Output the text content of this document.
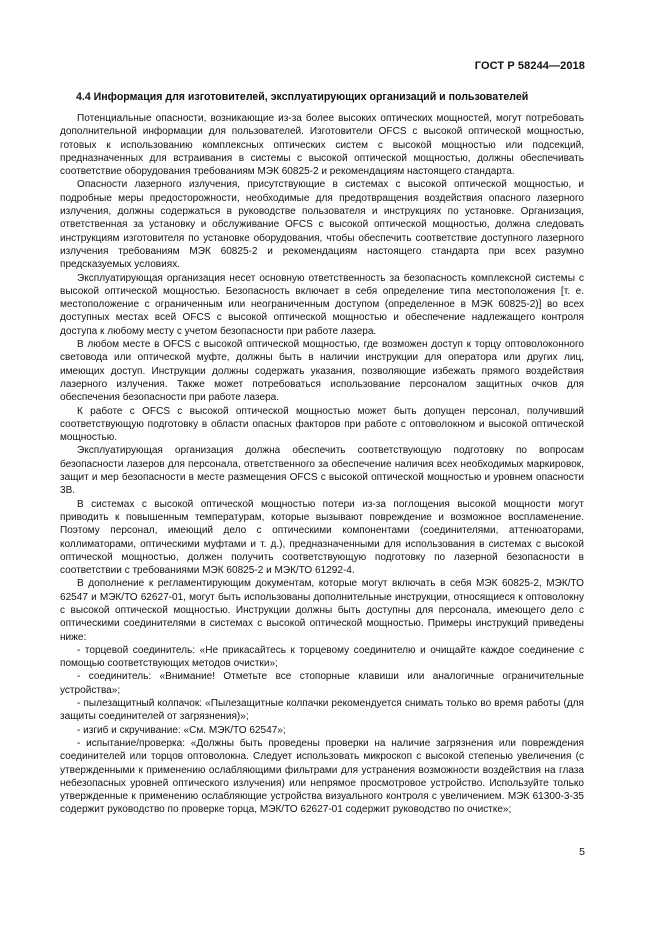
ГОСТ Р 58244—2018
4.4 Информация для изготовителей, эксплуатирующих организаций и пользователей

Потенциальные опасности, возникающие из-за более высоких оптических мощностей, могут потребовать дополнительной информации для пользователей. Изготовители OFCS с высокой оптической мощностью, готовых к использованию комплексных оптических систем с высокой мощностью или подсекций, предназначенных для встраивания в системы с высокой оптической мощностью, должны обеспечивать соответствие оборудования требованиям МЭК 60825-2 и рекомендациям настоящего стандарта.

Опасности лазерного излучения, присутствующие в системах с высокой оптической мощностью, и подробные меры предосторожности, необходимые для предотвращения воздействия опасного лазерного излучения, должны содержаться в руководстве пользователя и инструкциях по установке. Организация, ответственная за установку и обслуживание OFCS с высокой оптической мощностью, должна следовать инструкциям изготовителя по установке оборудования, чтобы обеспечить соответствие доступного лазерного излучения требованиям МЭК 60825-2 и рекомендациям настоящего стандарта при всех разумно предсказуемых условиях.

Эксплуатирующая организация несет основную ответственность за безопасность комплексной системы с высокой оптической мощностью. Безопасность включает в себя определение типа местоположения [т. е. местоположение с ограниченным или неограниченным доступом (определенное в МЭК 60825-2)] во всех доступных местах всей OFCS с высокой оптической мощностью и обеспечение надлежащего контроля доступа к любому месту с учетом безопасности при работе лазера.

В любом месте в OFCS с высокой оптической мощностью, где возможен доступ к торцу оптоволоконного световода или оптической муфте, должны быть в наличии инструкции для оператора или других лиц, имеющих доступ. Инструкции должны содержать указания, позволяющие избежать прямого воздействия лазерного излучения. Также может потребоваться использование персоналом защитных очков для обеспечения безопасности при работе лазера.

К работе с OFCS с высокой оптической мощностью может быть допущен персонал, получивший соответствующую подготовку в области опасных факторов при работе с оптоволокном и высокой оптической мощностью.

Эксплуатирующая организация должна обеспечить соответствующую подготовку по вопросам безопасности лазеров для персонала, ответственного за обеспечение наличия всех необходимых маркировок, защит и мер безопасности в месте размещения OFCS с высокой оптической мощностью и уровнем опасности 3В.

В системах с высокой оптической мощностью потери из-за поглощения высокой мощности могут приводить к повышенным температурам, которые вызывают повреждение и возможное воспламенение. Поэтому персонал, имеющий дело с оптическими компонентами (соединителями, аттенюаторами, коллиматорами, оптическими муфтами и т. д.), предназначенными для использования в системах с высокой оптической мощностью, должен получить соответствующую подготовку по лазерной безопасности в соответствии с требованиями МЭК 60825-2 и МЭК/ТО 61292-4.

В дополнение к регламентирующим документам, которые могут включать в себя МЭК 60825-2, МЭК/ТО 62547 и МЭК/ТО 62627-01, могут быть использованы дополнительные инструкции, относящиеся к оптоволокну с высокой оптической мощностью. Инструкции должны быть доступны для персонала, имеющего дело с оптическими соединителями в системах с высокой оптической мощностью. Примеры инструкций приведены ниже:

- торцевой соединитель: «Не прикасайтесь к торцевому соединителю и очищайте каждое соединение с помощью соответствующих методов очистки»;

- соединитель: «Внимание! Отметьте все стопорные клавиши или аналогичные ограничительные устройства»;

- пылезащитный колпачок: «Пылезащитные колпачки рекомендуется снимать только во время работы (для защиты соединителей от загрязнения)»;

- изгиб и скручивание: «См. МЭК/ТО 62547»;

- испытание/проверка: «Должны быть проведены проверки на наличие загрязнения или повреждения соединителей или торцов оптоволокна. Следует использовать микроскоп с высокой степенью увеличения (с утвержденными к применению ослабляющими фильтрами для устранения возможности воздействия на глаза небезопасных уровней оптического излучения) или непрямое просмотровое устройство. Используйте только утвержденные к применению ослабляющие устройства визуального контроля с увеличением. МЭК 61300-3-35 содержит руководство по проверке торца, МЭК/ТО 62627-01 содержит руководство по очистке»;

5
